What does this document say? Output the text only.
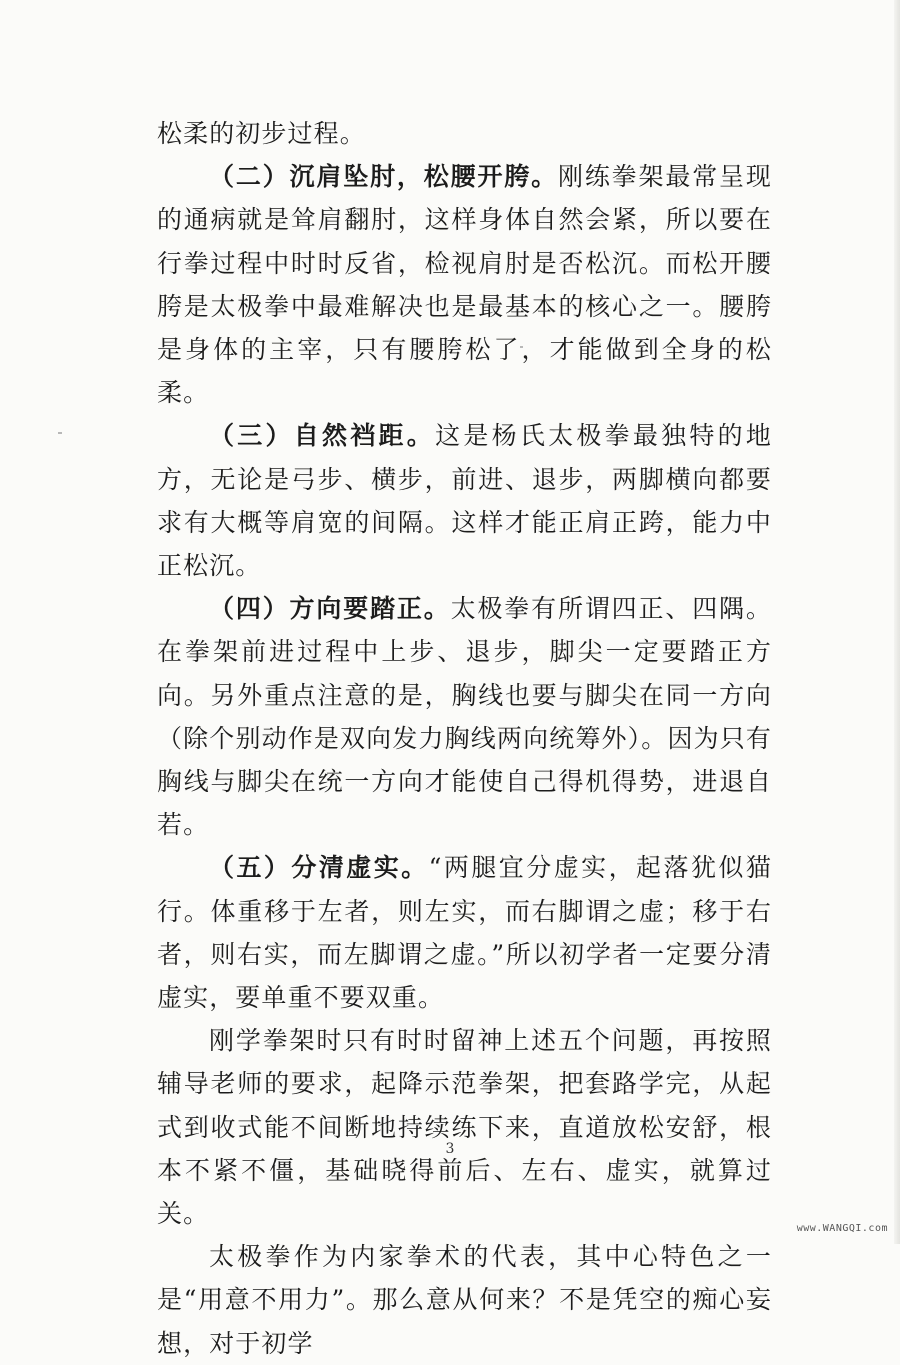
松柔的初步过程。

（二）沉肩坠肘，松腰开胯。刚练拳架最常呈现的通病就是耸肩翻肘，这样身体自然会紧，所以要在行拳过程中时时反省，检视肩肘是否松沉。而松开腰胯是太极拳中最难解决也是最基本的核心之一。腰胯是身体的主宰，只有腰胯松了，才能做到全身的松柔。

（三）自然裆距。这是杨氏太极拳最独特的地方，无论是弓步、横步，前进、退步，两脚横向都要求有大概等肩宽的间隔。这样才能正肩正跨，能力中正松沉。

（四）方向要踏正。太极拳有所谓四正、四隅。在拳架前进过程中上步、退步，脚尖一定要踏正方向。另外重点注意的是，胸线也要与脚尖在同一方向（除个别动作是双向发力胸线两向统筹外）。因为只有胸线与脚尖在统一方向才能使自己得机得势，进退自若。

（五）分清虚实。“两腿宜分虚实，起落犹似猫行。体重移于左者，则左实，而右脚谓之虚；移于右者，则右实，而左脚谓之虚。”所以初学者一定要分清虚实，要单重不要双重。

刚学拳架时只有时时留神上述五个问题，再按照辅导老师的要求，起降示范拳架，把套路学完，从起式到收式能不间断地持续练下来，直道放松安舒，根本不紧不僵，基础晓得前后、左右、虚实，就算过关。

太极拳作为内家拳术的代表，其中心特色之一是“用意不用力”。那么意从何来？不是凭空的痴心妄想，对于初学

3
www.WANGQI.com
